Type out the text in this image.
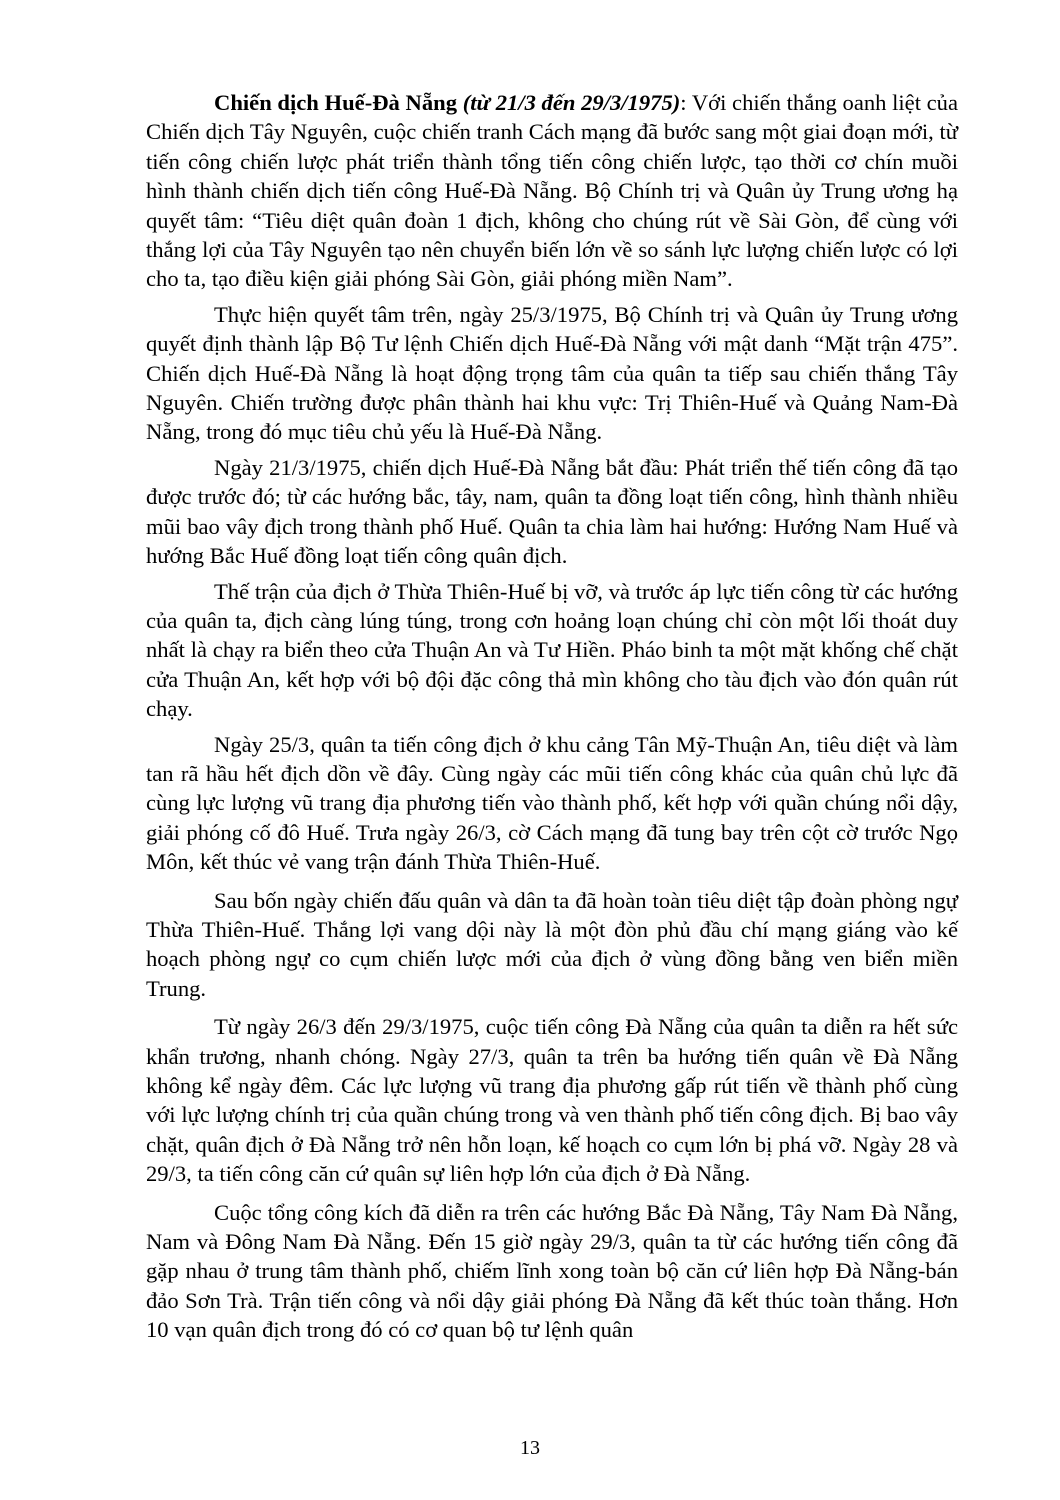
Chiến dịch Huế-Đà Nẵng (từ 21/3 đến 29/3/1975): Với chiến thắng oanh liệt của Chiến dịch Tây Nguyên, cuộc chiến tranh Cách mạng đã bước sang một giai đoạn mới, từ tiến công chiến lược phát triển thành tổng tiến công chiến lược, tạo thời cơ chín muồi hình thành chiến dịch tiến công Huế-Đà Nẵng. Bộ Chính trị và Quân ủy Trung ương hạ quyết tâm: “Tiêu diệt quân đoàn 1 địch, không cho chúng rút về Sài Gòn, để cùng với thắng lợi của Tây Nguyên tạo nên chuyển biến lớn về so sánh lực lượng chiến lược có lợi cho ta, tạo điều kiện giải phóng Sài Gòn, giải phóng miền Nam”.

Thực hiện quyết tâm trên, ngày 25/3/1975, Bộ Chính trị và Quân ủy Trung ương quyết định thành lập Bộ Tư lệnh Chiến dịch Huế-Đà Nẵng với mật danh “Mặt trận 475”. Chiến dịch Huế-Đà Nẵng là hoạt động trọng tâm của quân ta tiếp sau chiến thắng Tây Nguyên. Chiến trường được phân thành hai khu vực: Trị Thiên-Huế và Quảng Nam-Đà Nẵng, trong đó mục tiêu chủ yếu là Huế-Đà Nẵng.

Ngày 21/3/1975, chiến dịch Huế-Đà Nẵng bắt đầu: Phát triển thế tiến công đã tạo được trước đó; từ các hướng bắc, tây, nam, quân ta đồng loạt tiến công, hình thành nhiều mũi bao vây địch trong thành phố Huế. Quân ta chia làm hai hướng: Hướng Nam Huế và hướng Bắc Huế đồng loạt tiến công quân địch.

Thế trận của địch ở Thừa Thiên-Huế bị vỡ, và trước áp lực tiến công từ các hướng của quân ta, địch càng lúng túng, trong cơn hoảng loạn chúng chỉ còn một lối thoát duy nhất là chạy ra biển theo cửa Thuận An và Tư Hiền. Pháo binh ta một mặt khống chế chặt cửa Thuận An, kết hợp với bộ đội đặc công thả mìn không cho tàu địch vào đón quân rút chạy.

Ngày 25/3, quân ta tiến công địch ở khu cảng Tân Mỹ-Thuận An, tiêu diệt và làm tan rã hầu hết địch dồn về đây. Cùng ngày các mũi tiến công khác của quân chủ lực đã cùng lực lượng vũ trang địa phương tiến vào thành phố, kết hợp với quần chúng nổi dậy, giải phóng cố đô Huế. Trưa ngày 26/3, cờ Cách mạng đã tung bay trên cột cờ trước Ngọ Môn, kết thúc vẻ vang trận đánh Thừa Thiên-Huế.

Sau bốn ngày chiến đấu quân và dân ta đã hoàn toàn tiêu diệt tập đoàn phòng ngự Thừa Thiên-Huế. Thắng lợi vang dội này là một đòn phủ đầu chí mạng giáng vào kế hoạch phòng ngự co cụm chiến lược mới của địch ở vùng đồng bằng ven biển miền Trung.

Từ ngày 26/3 đến 29/3/1975, cuộc tiến công Đà Nẵng của quân ta diễn ra hết sức khẩn trương, nhanh chóng. Ngày 27/3, quân ta trên ba hướng tiến quân về Đà Nẵng không kể ngày đêm. Các lực lượng vũ trang địa phương gấp rút tiến về thành phố cùng với lực lượng chính trị của quần chúng trong và ven thành phố tiến công địch. Bị bao vây chặt, quân địch ở Đà Nẵng trở nên hỗn loạn, kế hoạch co cụm lớn bị phá vỡ. Ngày 28 và 29/3, ta tiến công căn cứ quân sự liên hợp lớn của địch ở Đà Nẵng.

Cuộc tổng công kích đã diễn ra trên các hướng Bắc Đà Nẵng, Tây Nam Đà Nẵng, Nam và Đông Nam Đà Nẵng. Đến 15 giờ ngày 29/3, quân ta từ các hướng tiến công đã gặp nhau ở trung tâm thành phố, chiếm lĩnh xong toàn bộ căn cứ liên hợp Đà Nẵng-bán đảo Sơn Trà. Trận tiến công và nổi dậy giải phóng Đà Nẵng đã kết thúc toàn thắng. Hơn 10 vạn quân địch trong đó có cơ quan bộ tư lệnh quân

13
